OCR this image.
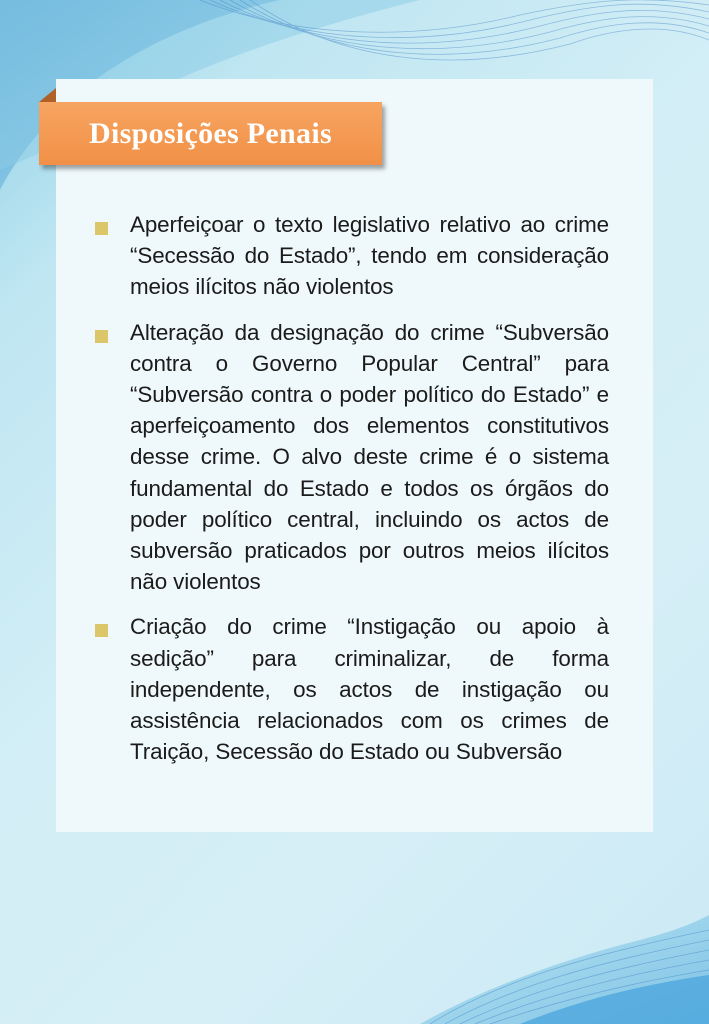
Disposições Penais
Aperfeiçoar o texto legislativo relativo ao crime “Secessão do Estado”, tendo em consideração meios ilícitos não violentos
Alteração da designação do crime “Subversão contra o Governo Popular Central” para “Subversão contra o poder político do Estado” e aperfeiçoamento dos elementos constitutivos desse crime. O alvo deste crime é o sistema fundamental do Estado e todos os órgãos do poder político central, incluindo os actos de subversão praticados por outros meios ilícitos não violentos
Criação do crime “Instigação ou apoio à sedição” para criminalizar, de forma independente, os actos de instigação ou assistência relacionados com os crimes de Traição, Secessão do Estado ou Subversão
